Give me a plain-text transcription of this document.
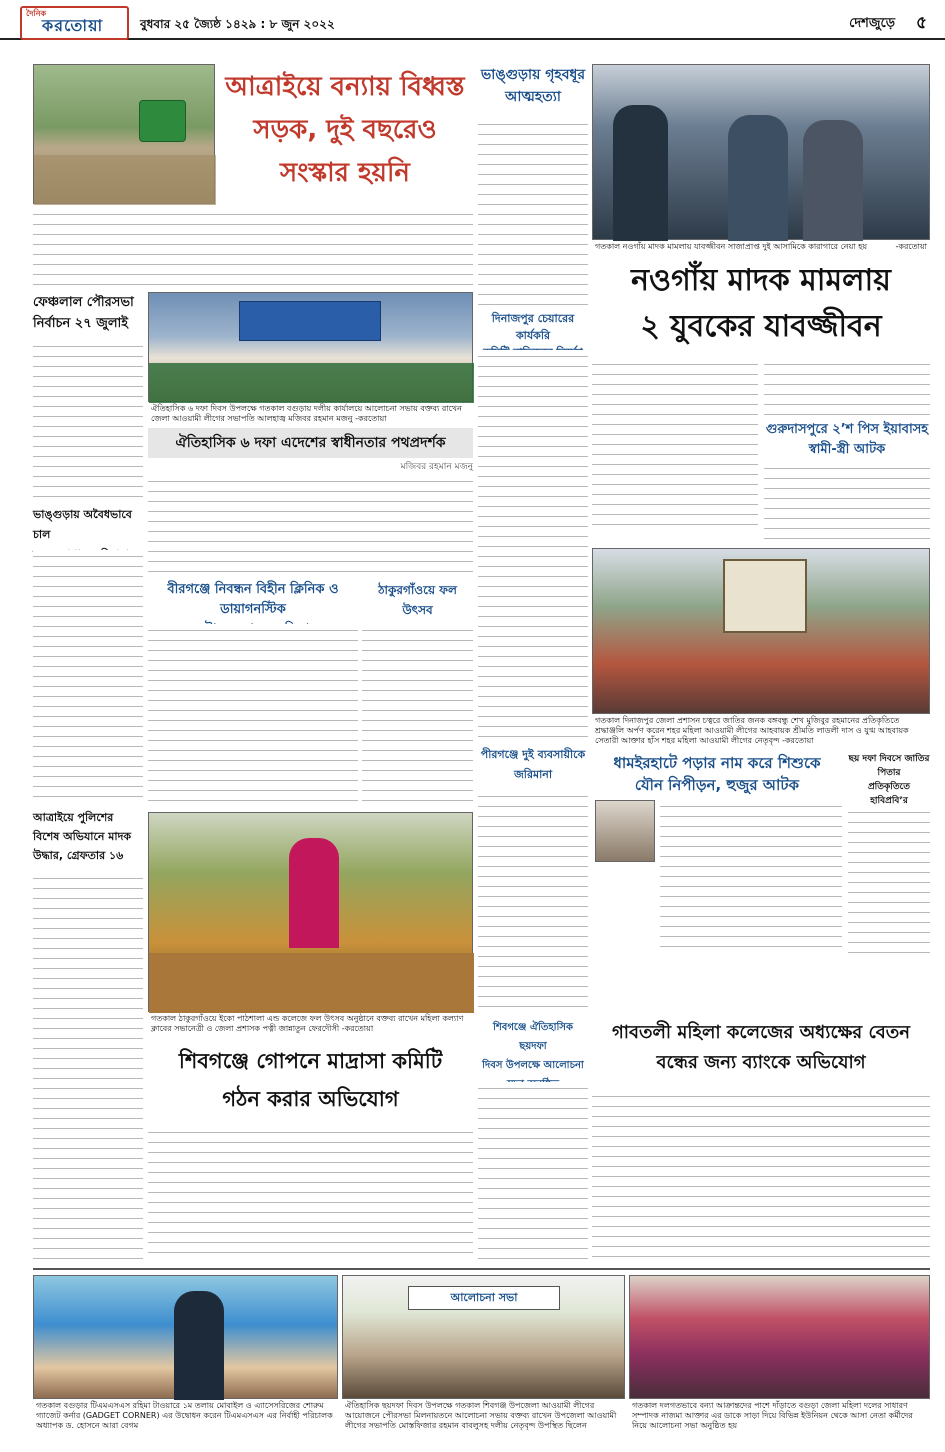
দৈনিক
করতোয়া	বুধবার ২৫ জ্যৈষ্ঠ ১৪২৯ : ৮ জুন ২০২২	দেশজুড়ে ৫
আত্রাইয়ে বন্যায় বিধ্বস্ত
সড়ক, দুই বছরেও
সংস্কার হয়নি
ভাঙ্গুড়ায় গৃহবধূর
আত্মহত্যা
দিনাজপুর চেয়ারের কার্যকরি
গতকাল নওগাঁয় মাদক মামলায় যাবজ্জীবন সাজাপ্রাপ্ত দুই আসামিকে কারাগারে নেয়া হয়	-করতোয়া
নওগাঁয় মাদক মামলায়
২ যুবকের যাবজ্জীবন
গুরুদাসপুরে ২’শ পিস ইয়াবাসহ
স্বামী-স্ত্রী আটক
ফেঞ্চলাল পৌরসভা
নির্বাচন ২৭ জুলাই
ঐতিহাসিক ৬ দফা দিবস উপলক্ষে গতকাল বগুড়ায় দলীয় কার্যালয়ে আলোচনা সভায় বক্তব্য রাখেন জেলা আওয়ামী লীগের সভাপতি আলহাজ্ব মজিবর রহমান মজনু -করতোয়া
ঐতিহাসিক ৬ দফা এদেশের স্বাধীনতার পথপ্রদর্শক
মজিবর রহমান মজনু
ভাঙ্গুড়ায় অবৈধভাবে চাল
বীরগঞ্জে নিবন্ধন বিহীন ক্লিনিক ও ডায়াগনস্টিক
ঠাকুরগাঁওয়ে ফল
উৎসব
গতকাল দিনাজপুর জেলা প্রশাসন চত্বরে জাতির জনক বঙ্গবন্ধু শেখ মুজিবুর রহমানের প্রতিকৃতিতে শ্রদ্ধাঞ্জলি অর্পণ করেন শহর মহিলা আওয়ামী লীগের আহবায়ক শ্রীমতি লাডলী দাস ও যুগ্ম আহবায়ক সেতারী আক্তার হাঁস শহর মহিলা আওয়ামী লীগের নেতৃবৃন্দ -করতোয়া
ধামইরহাটে পড়ার নাম করে শিশুকে
যৌন নিপীড়ন, হুজুর আটক
ছয় দফা দিবসে জাতির পিতার
প্রতিকৃতিতে হাবিপ্রবি’র
আত্রাইয়ে পুলিশের
বিশেষ অভিযানে মাদক
উদ্ধার, গ্রেফতার ১৬
গতকাল ঠাকুরগাঁওয়ে ইকো পাঠশালা এন্ড কলেজে ফল উৎসব অনুষ্ঠানে বক্তব্য রাখেন মহিলা কল্যাণ ক্লাবের সভানেত্রী ও জেলা প্রশাসক পত্নী জান্নাতুন ফেরদৌসী -করতোয়া
পীরগঞ্জে দুই ব্যবসায়ীকে
জরিমানা
শিবগঞ্জে ঐতিহাসিক ছয়দফা
দিবস উপলক্ষে আলোচনা
শিবগঞ্জে গোপনে মাদ্রাসা কমিটি
গঠন করার অভিযোগ
গাবতলী মহিলা কলেজের অধ্যক্ষের বেতন
বন্ধের জন্য ব্যাংকে অভিযোগ
গতকাল বগুড়ার টিএমএসএস রহিমা টাওয়ারে ১ম তলায় মোবাইল ও এ্যাসেসরিজের শোরুম গ্যাজেট কর্নার (GADGET CORNER) এর উদ্বোধন করেন টিএমএসএস এর নির্বাহী পরিচালক অধ্যাপক ড. হোসনে আরা বেগম
আলোচনা সভা
ঐতিহাসিক ছয়দফা দিবস উপলক্ষে গতকাল শিবগঞ্জ উপজেলা আওয়ামী লীগের আয়োজনে পৌরসভা মিলনায়তনে আলোচনা সভায় বক্তব্য রাখেন উপজেলা আওয়ামী লীগের সভাপতি মোস্তফিজার রহমান বাবলুসহ দলীয় নেতৃবৃন্দ উপস্থিত ছিলেন
গতকাল দলগতভাবে বন্যা আক্রান্তদের পাশে দাঁড়াতে বগুড়া জেলা মহিলা দলের সাধারণ সম্পাদক নাজমা আক্তার এর ডাকে সাড়া দিয়ে বিভিন্ন ইউনিয়ন থেকে আসা নেতা কর্মীদের নিয়ে আলোচনা সভা অনুষ্ঠিত হয়
